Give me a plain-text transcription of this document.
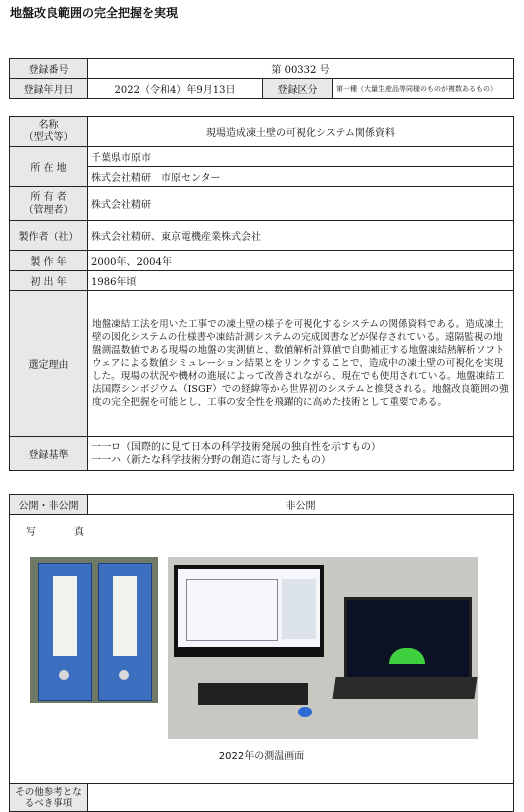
地盤改良範囲の完全把握を実現
登録番号	第 00332 号		
登録年月日	2022（令和4）年9月13日	登録区分	第一種（大量生産品等同様のものが複数あるもの）
名称
（型式等）	現場造成凍土壁の可視化システム関係資料
所 在 地	千葉県市原市
	株式会社精研　市原センター
所 有 者
（管理者）	株式会社精研
製作者（社）	株式会社精研、東京電機産業株式会社
製 作 年	2000年、2004年
初 出 年	1986年頃
選定理由	地盤凍結工法を用いた工事での凍土壁の様子を可視化するシステムの関係資料である。造成凍土壁の図化システムの仕様書や凍結計測システムの完成図書などが保存されている。遠隔監視の地盤測温数値である現場の地盤の実測値と、数値解析計算値で自動補正する地盤凍結熱解析ソフトウェアによる数値シミュレーション結果とをリンクすることで、造成中の凍土壁の可視化を実現した。現場の状況や機材の進展によって改善されながら、現在でも使用されている。地盤凍結工法国際シンポジウム（ISGF）での経緯等から世界初のシステムと推奨される。地盤改良範囲の強度の完全把握を可能とし、工事の安全性を飛躍的に高めた技術として重要である。
登録基準	一一ロ（国際的に見て日本の科学技術発展の独自性を示すもの）
一一ハ（新たな科学技術分野の創造に寄与したもの）
公開・非公開	非公開

写　真
2022年の測温画面	

その他参考となるべき事項	
